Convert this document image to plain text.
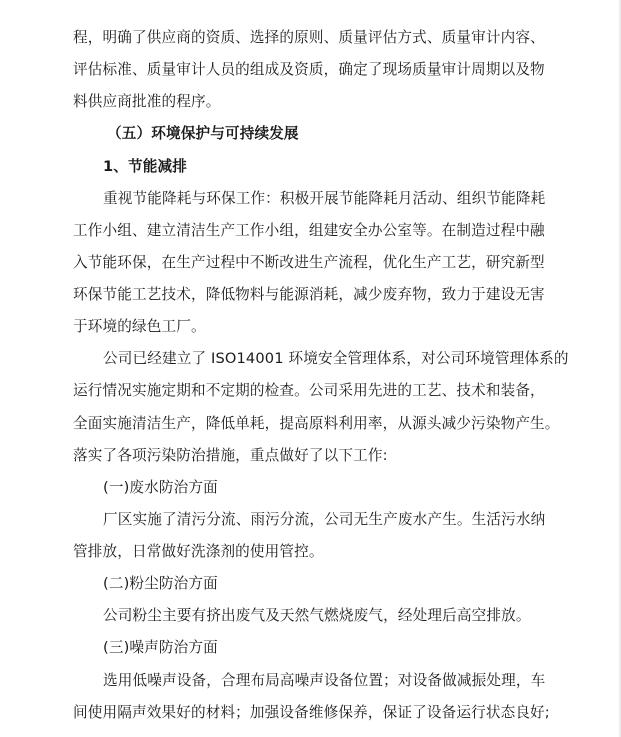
程，明确了供应商的资质、选择的原则、质量评估方式、质量审计内容、
评估标准、质量审计人员的组成及资质，确定了现场质量审计周期以及物
料供应商批准的程序。
（五）环境保护与可持续发展
1、节能减排
重视节能降耗与环保工作：积极开展节能降耗月活动、组织节能降耗
工作小组、建立清洁生产工作小组，组建安全办公室等。在制造过程中融
入节能环保，在生产过程中不断改进生产流程，优化生产工艺，研究新型
环保节能工艺技术，降低物料与能源消耗，减少废弃物，致力于建设无害
于环境的绿色工厂。
公司已经建立了 ISO14001 环境安全管理体系，对公司环境管理体系的
运行情况实施定期和不定期的检查。公司采用先进的工艺、技术和装备，
全面实施清洁生产，降低单耗，提高原料利用率，从源头减少污染物产生。
落实了各项污染防治措施，重点做好了以下工作:
(一)废水防治方面
厂区实施了清污分流、雨污分流，公司无生产废水产生。生活污水纳
管排放，日常做好洗涤剂的使用管控。
(二)粉尘防治方面
公司粉尘主要有挤出废气及天然气燃烧废气，经处理后高空排放。
(三)噪声防治方面
选用低噪声设备，合理布局高噪声设备位置；对设备做减振处理，车
间使用隔声效果好的材料；加强设备维修保养，保证了设备运行状态良好;
